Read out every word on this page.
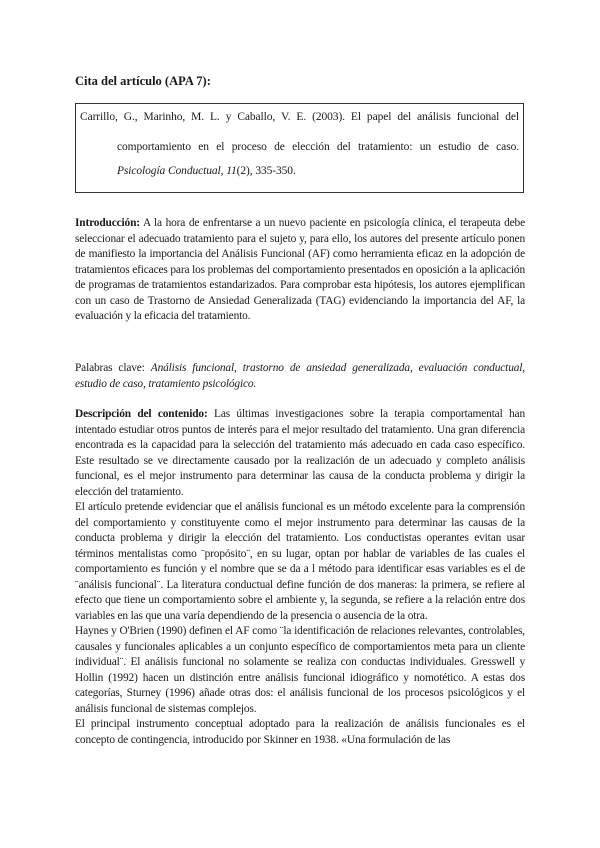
Cita del artículo (APA 7):
Carrillo, G., Marinho, M. L. y Caballo, V. E. (2003). El papel del análisis funcional del
comportamiento en el proceso de elección del tratamiento: un estudio de caso.
Psicología Conductual, 11(2), 335-350.
Introducción: A la hora de enfrentarse a un nuevo paciente en psicología clínica, el terapeuta debe seleccionar el adecuado tratamiento para el sujeto y, para ello, los autores del presente artículo ponen de manifiesto la importancia del Análisis Funcional (AF) como herramienta eficaz en la adopción de tratamientos eficaces para los problemas del comportamiento presentados en oposición a la aplicación de programas de tratamientos estandarizados. Para comprobar esta hipótesis, los autores ejemplifican con un caso de Trastorno de Ansiedad Generalizada (TAG) evidenciando la importancia del AF, la evaluación y la eficacia del tratamiento.
Palabras clave: Análisis funcional, trastorno de ansiedad generalizada, evaluación conductual, estudio de caso, tratamiento psicológico.
Descripción del contenido: Las últimas investigaciones sobre la terapia comportamental han intentado estudiar otros puntos de interés para el mejor resultado del tratamiento. Una gran diferencia encontrada es la capacidad para la selección del tratamiento más adecuado en cada caso específico. Este resultado se ve directamente causado por la realización de un adecuado y completo análisis funcional, es el mejor instrumento para determinar las causa de la conducta problema y dirigir la elección del tratamiento.
El artículo pretende evidenciar que el análisis funcional es un método excelente para la comprensión del comportamiento y constituyente como el mejor instrumento para determinar las causas de la conducta problema y dirigir la elección del tratamiento. Los conductistas operantes evitan usar términos mentalistas como ¨propósito¨, en su lugar, optan por hablar de variables de las cuales el comportamiento es función y el nombre que se da a l método para identificar esas variables es el de ¨análisis funcional¨. La literatura conductual define función de dos maneras: la primera, se refiere al efecto que tiene un comportamiento sobre el ambiente y, la segunda, se refiere a la relación entre dos variables en las que una varía dependiendo de la presencia o ausencia de la otra.
Haynes y O'Brien (1990) definen el AF como ¨la identificación de relaciones relevantes, controlables, causales y funcionales aplicables a un conjunto específico de comportamientos meta para un cliente individual¨. El análisis funcional no solamente se realiza con conductas individuales. Gresswell y Hollin (1992) hacen un distinción entre análisis funcional idiográfico y nomotético. A estas dos categorías, Sturney (1996) añade otras dos: el análisis funcional de los procesos psicológicos y el análisis funcional de sistemas complejos.
El principal instrumento conceptual adoptado para la realización de análisis funcionales es el concepto de contingencia, introducido por Skinner en 1938. «Una formulación de las
